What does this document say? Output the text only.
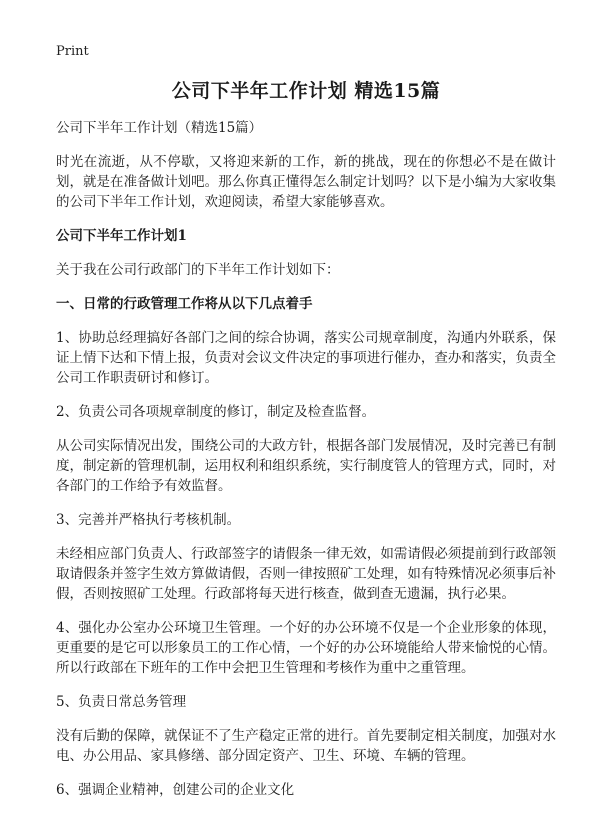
Print
公司下半年工作计划 精选15篇
公司下半年工作计划（精选15篇）
时光在流逝，从不停歇，又将迎来新的工作，新的挑战，现在的你想必不是在做计划，就是在准备做计划吧。那么你真正懂得怎么制定计划吗？以下是小编为大家收集的公司下半年工作计划，欢迎阅读，希望大家能够喜欢。
公司下半年工作计划1
关于我在公司行政部门的下半年工作计划如下：
一、日常的行政管理工作将从以下几点着手
1、协助总经理搞好各部门之间的综合协调，落实公司规章制度，沟通内外联系，保证上情下达和下情上报，负责对会议文件决定的事项进行催办，查办和落实，负责全公司工作职责研讨和修订。
2、负责公司各项规章制度的修订，制定及检查监督。
从公司实际情况出发，围绕公司的大政方针，根据各部门发展情况，及时完善已有制度，制定新的管理机制，运用权利和组织系统，实行制度管人的管理方式，同时，对各部门的工作给予有效监督。
3、完善并严格执行考核机制。
未经相应部门负责人、行政部签字的请假条一律无效，如需请假必须提前到行政部领取请假条并签字生效方算做请假，否则一律按照矿工处理，如有特殊情况必须事后补假，否则按照矿工处理。行政部将每天进行核查，做到查无遗漏，执行必果。
4、强化办公室办公环境卫生管理。一个好的办公环境不仅是一个企业形象的体现，更重要的是它可以形象员工的工作心情，一个好的办公环境能给人带来愉悦的心情。所以行政部在下班年的工作中会把卫生管理和考核作为重中之重管理。
5、负责日常总务管理
没有后勤的保障，就保证不了生产稳定正常的进行。首先要制定相关制度，加强对水电、办公用品、家具修缮、部分固定资产、卫生、环境、车辆的管理。
6、强调企业精神，创建公司的企业文化
